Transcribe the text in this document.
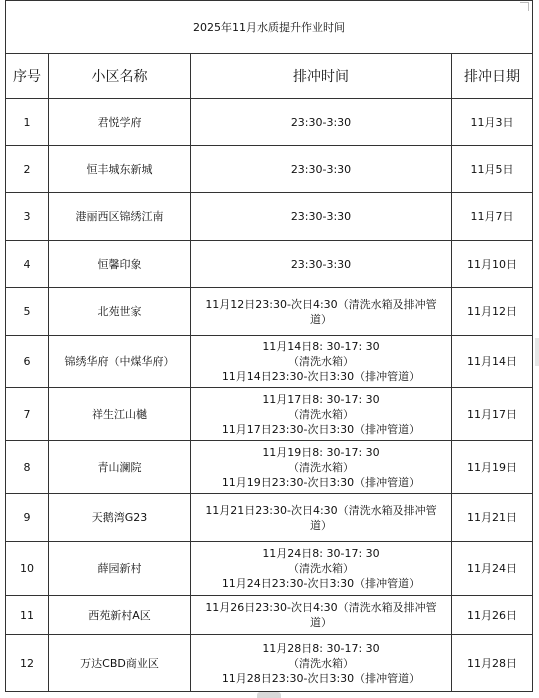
2025年11月水质提升作业时间			
序号	小区名称	排冲时间	排冲日期
1	君悦学府	23:30-3:30	11月3日
2	恒丰城东新城	23:30-3:30	11月5日
3	港丽西区锦绣江南	23:30-3:30	11月7日
4	恒馨印象	23:30-3:30	11月10日
5	北苑世家	11月12日23:30-次日4:30（清洗水箱及排冲管
道）	11月12日
6	锦绣华府（中煤华府）	11月14日8: 30-17: 30
（清洗水箱）
11月14日23:30-次日3:30（排冲管道）	11月14日
7	祥生江山樾	11月17日8: 30-17: 30
（清洗水箱）
11月17日23:30-次日3:30（排冲管道）	11月17日
8	青山澜院	11月19日8: 30-17: 30
（清洗水箱）
11月19日23:30-次日3:30（排冲管道）	11月19日
9	天鹅湾G23	11月21日23:30-次日4:30（清洗水箱及排冲管
道）	11月21日
10	薛园新村	11月24日8: 30-17: 30
（清洗水箱）
11月24日23:30-次日3:30（排冲管道）	11月24日
11	西苑新村A区	11月26日23:30-次日4:30（清洗水箱及排冲管
道）	11月26日
12	万达CBD商业区	11月28日8: 30-17: 30
（清洗水箱）
11月28日23:30-次日3:30（排冲管道）	11月28日
